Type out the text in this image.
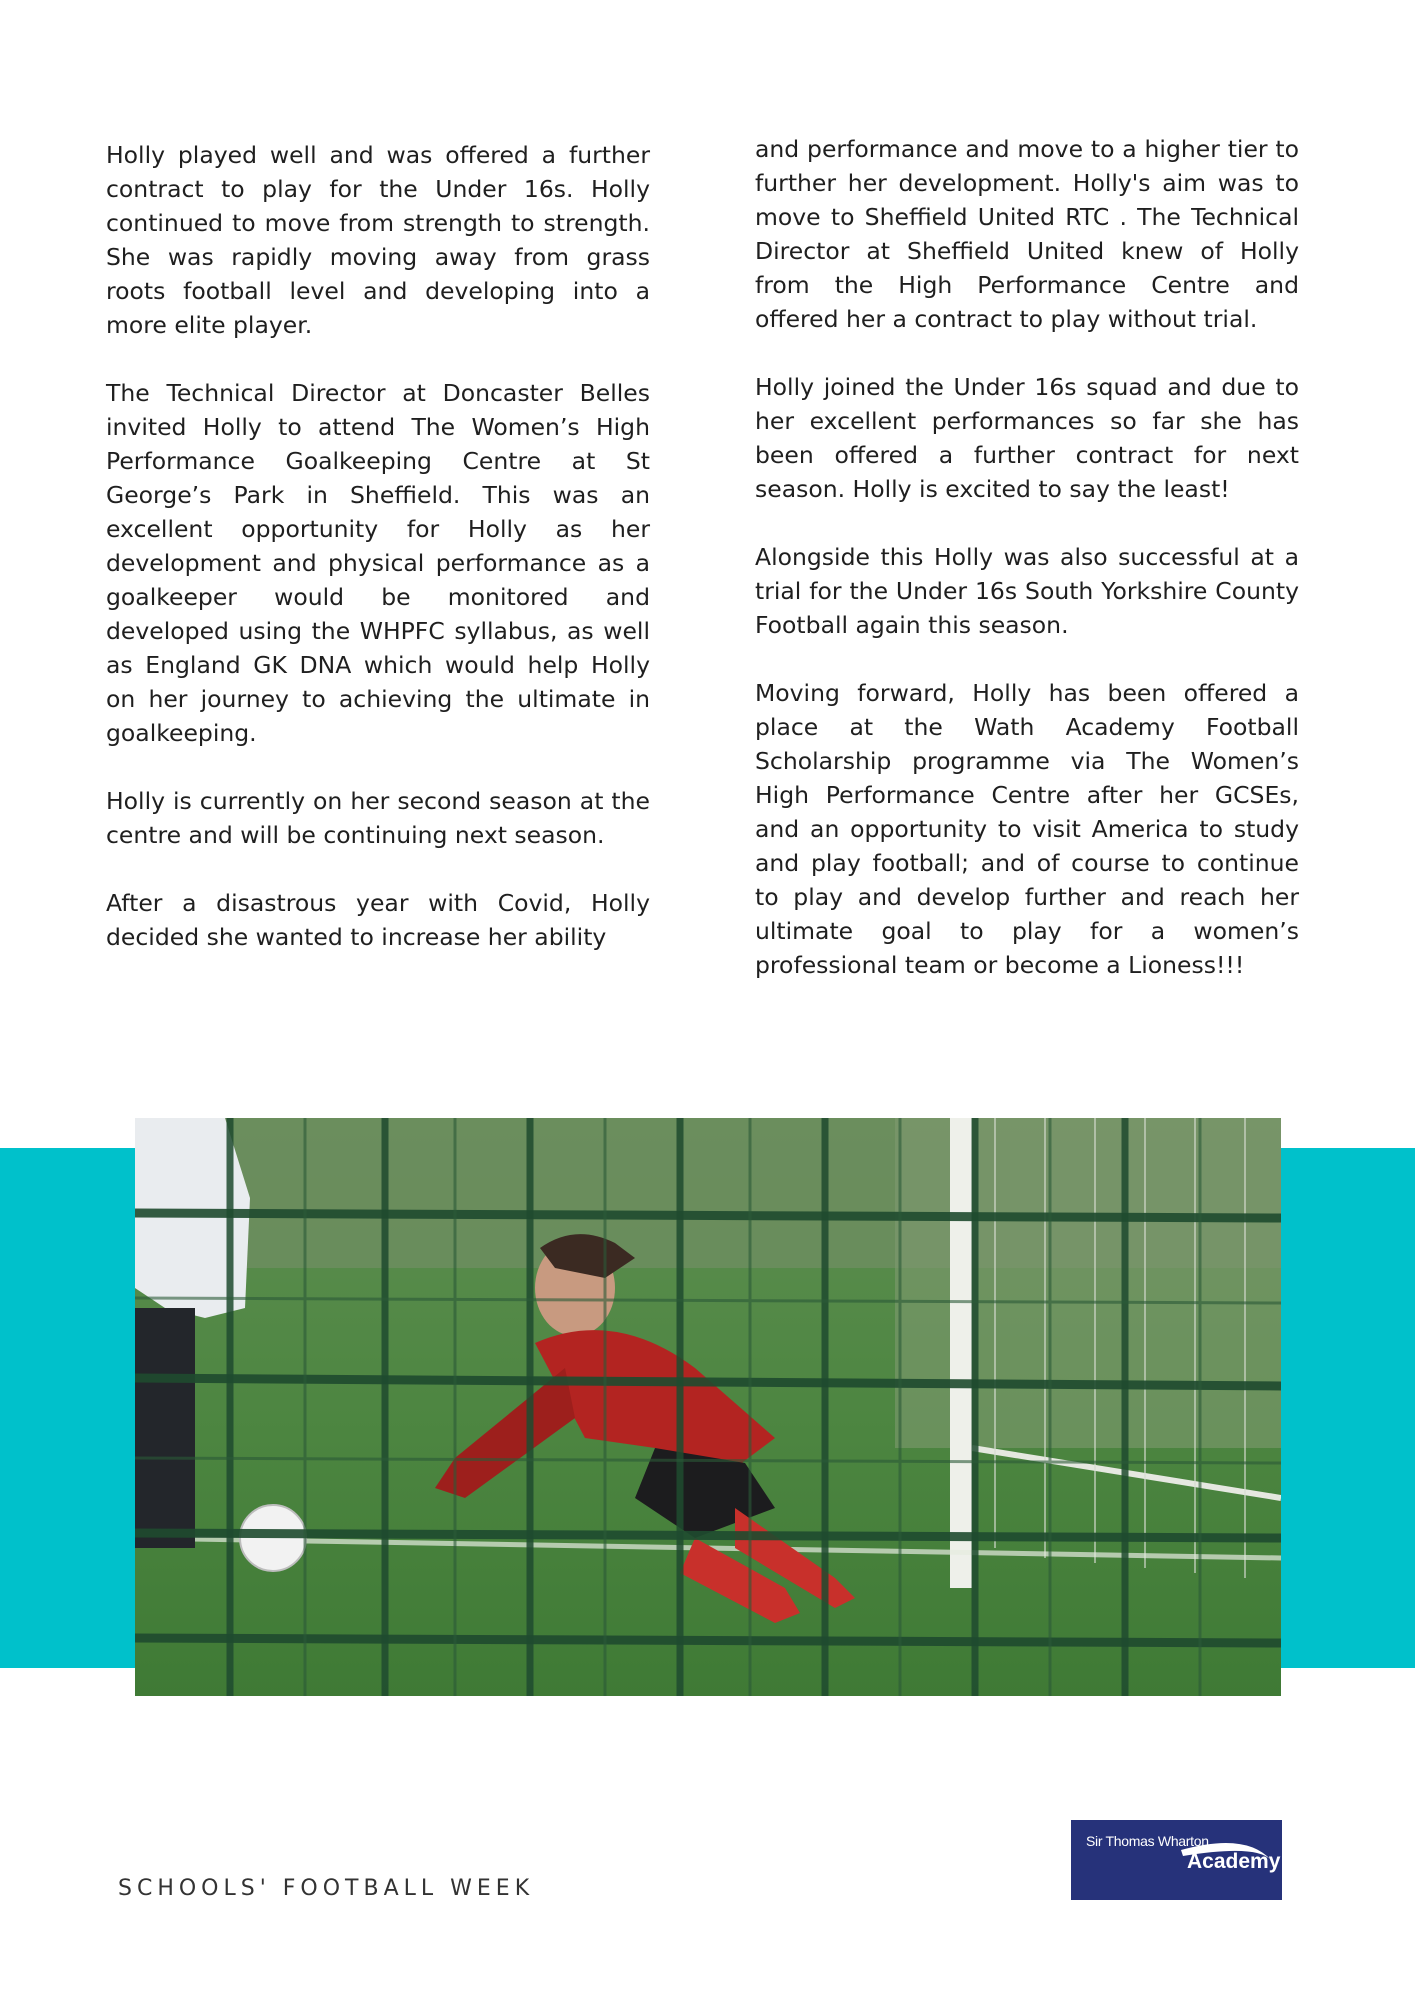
Holly played well and was offered a further contract to play for the Under 16s. Holly continued to move from strength to strength. She was rapidly moving away from grass roots football level and developing into a more elite player.

The Technical Director at Doncaster Belles invited Holly to attend The Women’s High Performance Goalkeeping Centre at St George’s Park in Sheffield. This was an excellent opportunity for Holly as her development and physical performance as a goalkeeper would be monitored and developed using the WHPFC syllabus, as well as England GK DNA which would help Holly on her journey to achieving the ultimate in goalkeeping.

Holly is currently on her second season at the centre and will be continuing next season.

After a disastrous year with Covid, Holly decided she wanted to increase her ability

and performance and move to a higher tier to further her development. Holly's aim was to move to Sheffield United RTC . The Technical Director at Sheffield United knew of Holly from the High Performance Centre and offered her a contract to play without trial.

Holly joined the Under 16s squad and due to her excellent performances so far she has been offered a further contract for next season. Holly is excited to say the least!

Alongside this Holly was also successful at a trial for the Under 16s South Yorkshire County Football again this season.

Moving forward, Holly has been offered a place at the Wath Academy Football Scholarship programme via The Women’s High Performance Centre after her GCSEs, and an opportunity to visit America to study and play football; and of course to continue to play and develop further and reach her ultimate goal to play for a women’s professional team or become a Lioness!!!

SCHOOLS' FOOTBALL WEEK
Sir Thomas Wharton
Academy
